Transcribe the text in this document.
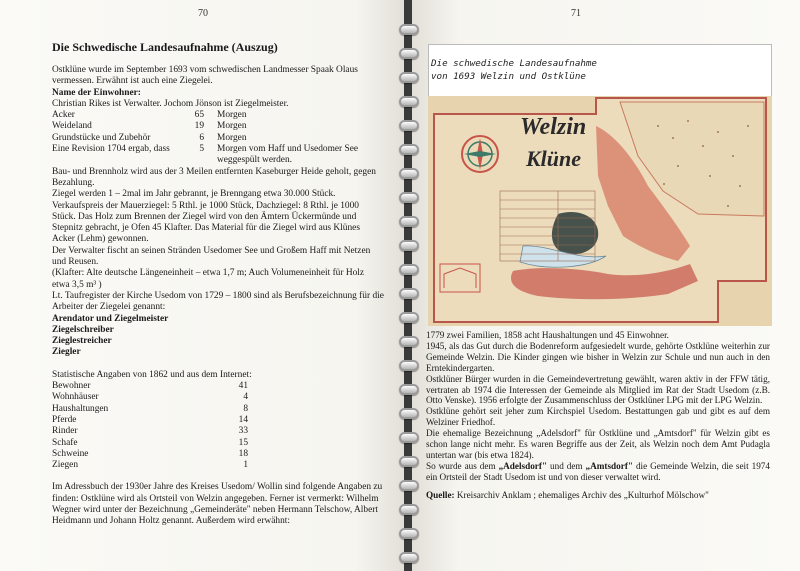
70
Die Schwedische Landesaufnahme (Auszug)

Ostklüne wurde im September 1693 vom schwedischen Landmesser Spaak Olaus vermessen. Erwähnt ist auch eine Ziegelei.

Name der Einwohner:

Christian Rikes ist Verwalter. Jochom Jönson ist Ziegelmeister.

Acker	65	Morgen
Weideland	19	Morgen
Grundstücke und Zubehör	6	Morgen
Eine Revision 1704 ergab, dass	5	Morgen vom Haff und Usedomer See weggespült werden.

Bau- und Brennholz wird aus der 3 Meilen entfernten Kaseburger Heide geholt, gegen Bezahlung.

Ziegel werden 1 – 2mal im Jahr gebrannt, je Brenngang etwa 30.000 Stück. Verkaufspreis der Mauerziegel: 5 Rthl. je 1000 Stück, Dachziegel: 8 Rthl. je 1000 Stück. Das Holz zum Brennen der Ziegel wird von den Ämtern Ückermünde und Stepnitz gebracht, je Ofen 45 Klafter. Das Material für die Ziegel wird aus Klünes Acker (Lehm) gewonnen.

Der Verwalter fischt an seinen Stränden Usedomer See und Großem Haff mit Netzen und Reusen.

(Klafter: Alte deutsche Längeneinheit – etwa 1,7 m; Auch Volumeneinheit für Holz etwa 3,5 m³ )

Lt. Taufregister der Kirche Usedom von 1729 – 1800 sind als Berufsbezeichnung für die Arbeiter der Ziegelei genannt:

Arendator und Ziegelmeister
Ziegelschreiber
Zieglestreicher
Ziegler

Statistische Angaben von 1862 und aus dem Internet:

Bewohner	41
Wohnhäuser	4
Haushaltungen	8
Pferde	14
Rinder	33
Schafe	15
Schweine	18
Ziegen	1

Im Adressbuch der 1930er Jahre des Kreises Usedom/ Wollin sind folgende Angaben zu finden: Ostklüne wird als Ortsteil von Welzin angegeben. Ferner ist vermerkt: Wilhelm Wegner wird unter der Bezeichnung „Gemeinderäte" neben Hermann Telschow, Albert Heidmann und Johann Holtz genannt. Außerdem wird erwähnt:

71
Die schwedische Landesaufnahme
von 1693 Welzin und Ostklüne
Welzin
Klüne

1779 zwei Familien, 1858 acht Haushaltungen und 45 Einwohner.

1945, als das Gut durch die Bodenreform aufgesiedelt wurde, gehörte Ostklüne weiterhin zur Gemeinde Welzin. Die Kinder gingen wie bisher in Welzin zur Schule und nun auch in den Erntekindergarten.

Ostklüner Bürger wurden in die Gemeindevertretung gewählt, waren aktiv in der FFW tätig, vertraten ab 1974 die Interessen der Gemeinde als Mitglied im Rat der Stadt Usedom (z.B. Otto Venske). 1956 erfolgte der Zusammenschluss der Ostklüner LPG mit der LPG Welzin.

Ostklüne gehört seit jeher zum Kirchspiel Usedom. Bestattungen gab und gibt es auf dem Welziner Friedhof.

Die ehemalige Bezeichnung „Adelsdorf" für Ostklüne und „Amtsdorf" für Welzin gibt es schon lange nicht mehr. Es waren Begriffe aus der Zeit, als Welzin noch dem Amt Pudagla untertan war (bis etwa 1824).

So wurde aus dem „Adelsdorf" und dem „Amtsdorf" die Gemeinde Welzin, die seit 1974 ein Ortsteil der Stadt Usedom ist und von dieser verwaltet wird.

Quelle: Kreisarchiv Anklam ; ehemaliges Archiv des „Kulturhof Mölschow"
